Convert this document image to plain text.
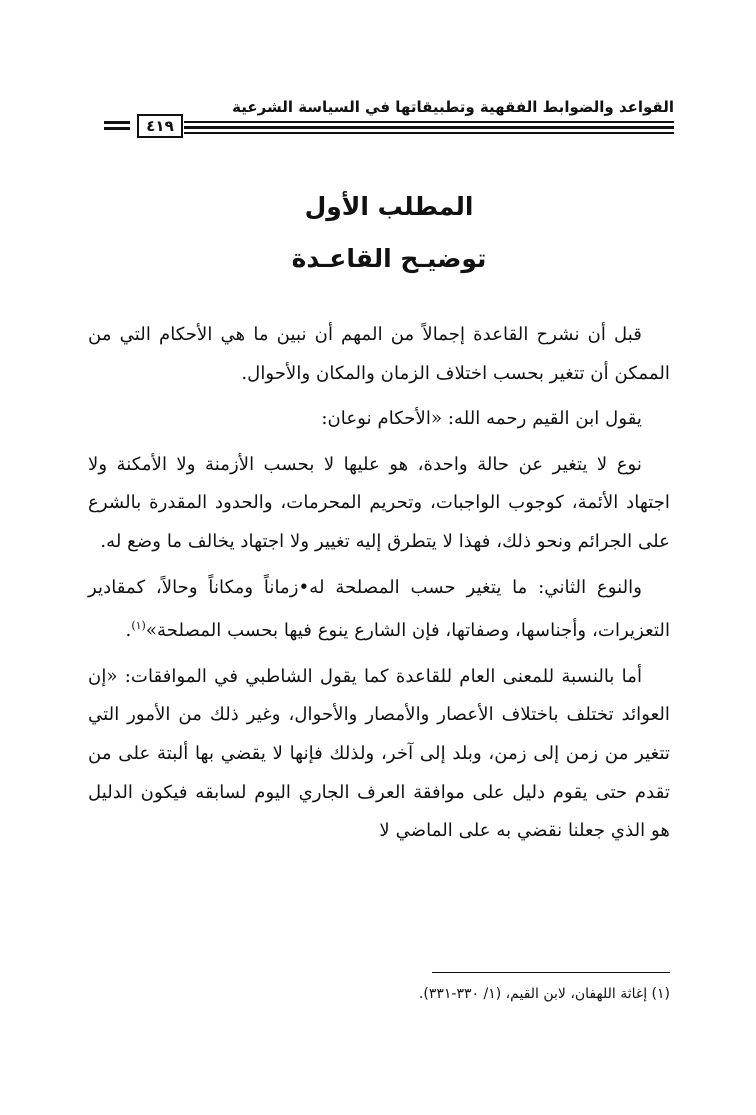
القواعد والضوابط الفقهية وتطبيقاتها في السياسة الشرعية
٤١٩
المطلب الأول
توضيـح القاعـدة

قبل أن نشرح القاعدة إجمالاً من المهم أن نبين ما هي الأحكام التي من الممكن أن تتغير بحسب اختلاف الزمان والمكان والأحوال.

يقول ابن القيم رحمه الله: «الأحكام نوعان:

نوع لا يتغير عن حالة واحدة، هو عليها لا بحسب الأزمنة ولا الأمكنة ولا اجتهاد الأئمة، كوجوب الواجبات، وتحريم المحرمات، والحدود المقدرة بالشرع على الجرائم ونحو ذلك، فهذا لا يتطرق إليه تغيير ولا اجتهاد يخالف ما وضع له.

والنوع الثاني: ما يتغير حسب المصلحة له•زماناً ومكاناً وحالاً، كمقادير التعزيرات، وأجناسها، وصفاتها، فإن الشارع ينوع فيها بحسب المصلحة»$^{(١)}$.

أما بالنسبة للمعنى العام للقاعدة كما يقول الشاطبي في الموافقات: «إن العوائد تختلف باختلاف الأعصار والأمصار والأحوال، وغير ذلك من الأمور التي تتغير من زمن إلى زمن، وبلد إلى آخر، ولذلك فإنها لا يقضي بها ألبتة على من تقدم حتى يقوم دليل على موافقة العرف الجاري اليوم لسابقه فيكون الدليل هو الذي جعلنا نقضي به على الماضي لا

(١) إغاثة اللهفان، لابن القيم، (١/ ٣٣٠-٣٣١).
